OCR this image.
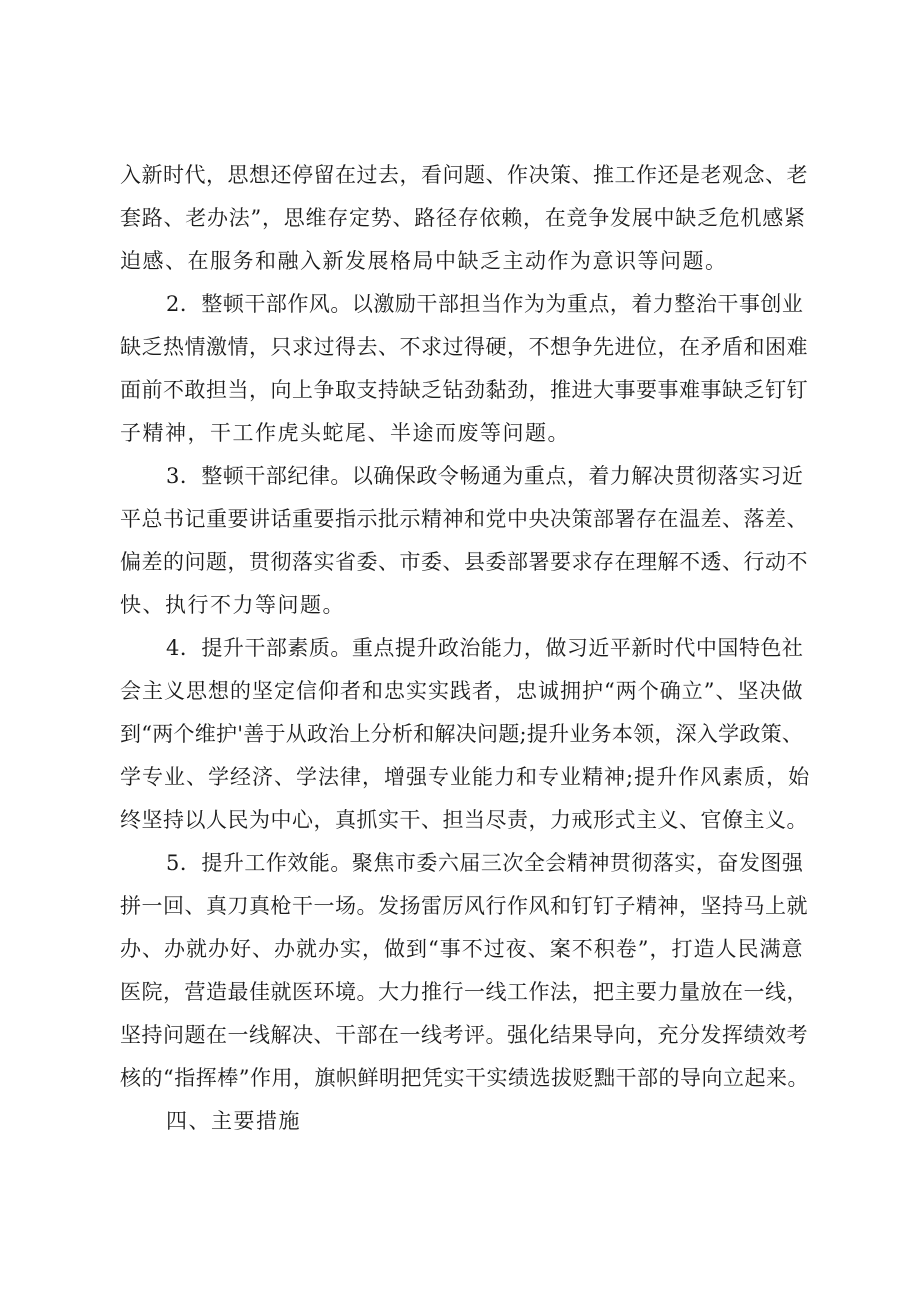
入新时代，思想还停留在过去，看问题、作决策、推工作还是老观念、老
套路、老办法”，思维存定势、路径存依赖，在竞争发展中缺乏危机感紧
迫感、在服务和融入新发展格局中缺乏主动作为意识等问题。
2．整顿干部作风。以激励干部担当作为为重点，着力整治干事创业
缺乏热情激情，只求过得去、不求过得硬，不想争先进位，在矛盾和困难
面前不敢担当，向上争取支持缺乏钻劲黏劲，推进大事要事难事缺乏钉钉
子精神，干工作虎头蛇尾、半途而废等问题。
3．整顿干部纪律。以确保政令畅通为重点，着力解决贯彻落实习近
平总书记重要讲话重要指示批示精神和党中央决策部署存在温差、落差、
偏差的问题，贯彻落实省委、市委、县委部署要求存在理解不透、行动不
快、执行不力等问题。
4．提升干部素质。重点提升政治能力，做习近平新时代中国特色社
会主义思想的坚定信仰者和忠实实践者，忠诚拥护“两个确立”、坚决做
到“两个维护'善于从政治上分析和解决问题;提升业务本领，深入学政策、
学专业、学经济、学法律，增强专业能力和专业精神;提升作风素质，始
终坚持以人民为中心，真抓实干、担当尽责，力戒形式主义、官僚主义。
5．提升工作效能。聚焦市委六届三次全会精神贯彻落实，奋发图强
拼一回、真刀真枪干一场。发扬雷厉风行作风和钉钉子精神，坚持马上就
办、办就办好、办就办实，做到“事不过夜、案不积卷”，打造人民满意
医院，营造最佳就医环境。大力推行一线工作法，把主要力量放在一线，
坚持问题在一线解决、干部在一线考评。强化结果导向，充分发挥绩效考
核的“指挥棒”作用，旗帜鲜明把凭实干实绩选拔贬黜干部的导向立起来。
四、主要措施
